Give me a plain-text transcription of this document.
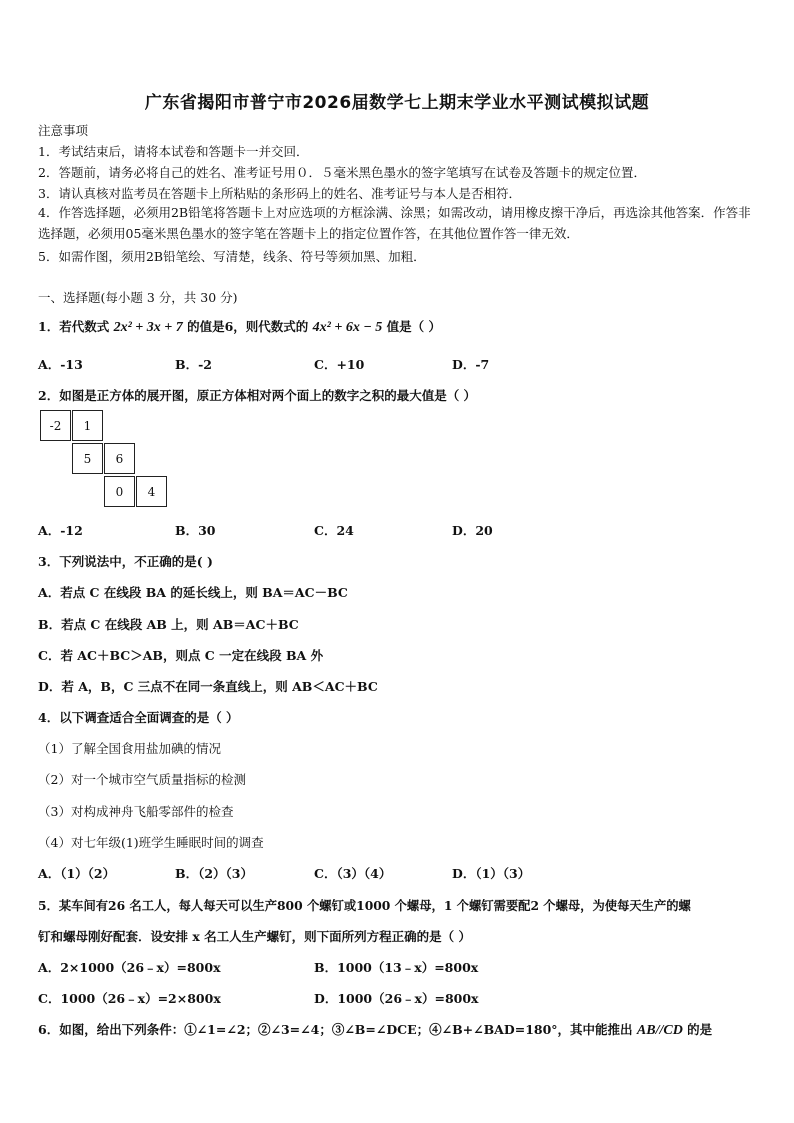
广东省揭阳市普宁市2026届数学七上期末学业水平测试模拟试题
注意事项
1．考试结束后，请将本试卷和答题卡一并交回．
2．答题前，请务必将自己的姓名、准考证号用０．５毫米黑色墨水的签字笔填写在试卷及答题卡的规定位置．
3．请认真核对监考员在答题卡上所粘贴的条形码上的姓名、准考证号与本人是否相符．
4．作答选择题，必须用2B铅笔将答题卡上对应选项的方框涂满、涂黑；如需改动，请用橡皮擦干净后，再选涂其他答案．作答非选择题，必须用05毫米黑色墨水的签字笔在答题卡上的指定位置作答，在其他位置作答一律无效．
5．如需作图，须用2B铅笔绘、写清楚，线条、符号等须加黑、加粗．
一、选择题(每小题 3 分，共 30 分)
1．若代数式 2x² + 3x + 7 的值是6，则代数式的 4x² + 6x − 5 值是（ ）
A．-13	B．-2	C．+10	D．-7
2．如图是正方体的展开图，原正方体相对两个面上的数字之积的最大值是（ ）
-2	1
5	6
0	4
A．-12	B．30	C．24	D．20
3．下列说法中，不正确的是( )
A．若点 C 在线段 BA 的延长线上，则 BA＝AC－BC
B．若点 C 在线段 AB 上，则 AB＝AC＋BC
C．若 AC＋BC＞AB，则点 C 一定在线段 BA 外
D．若 A，B，C 三点不在同一条直线上，则 AB＜AC＋BC
4．以下调查适合全面调查的是（ ）
（1）了解全国食用盐加碘的情况
（2）对一个城市空气质量指标的检测
（3）对构成神舟飞船零部件的检查
（4）对七年级(1)班学生睡眠时间的调查
A．（1）（2）	B．（2）（3）	C．（3）（4）	D．（1）（3）
5．某车间有26 名工人，每人每天可以生产800 个螺钉或1000 个螺母，1 个螺钉需要配2 个螺母，为使每天生产的螺
钉和螺母刚好配套．设安排 x 名工人生产螺钉，则下面所列方程正确的是（ ）
A．2×1000（26﹣x）=800x	B．1000（13﹣x）=800x
C．1000（26﹣x）=2×800x	D．1000（26﹣x）=800x
6．如图，给出下列条件：①∠1=∠2；②∠3=∠4；③∠B=∠DCE；④∠B+∠BAD=180°，其中能推出 AB//CD 的是
